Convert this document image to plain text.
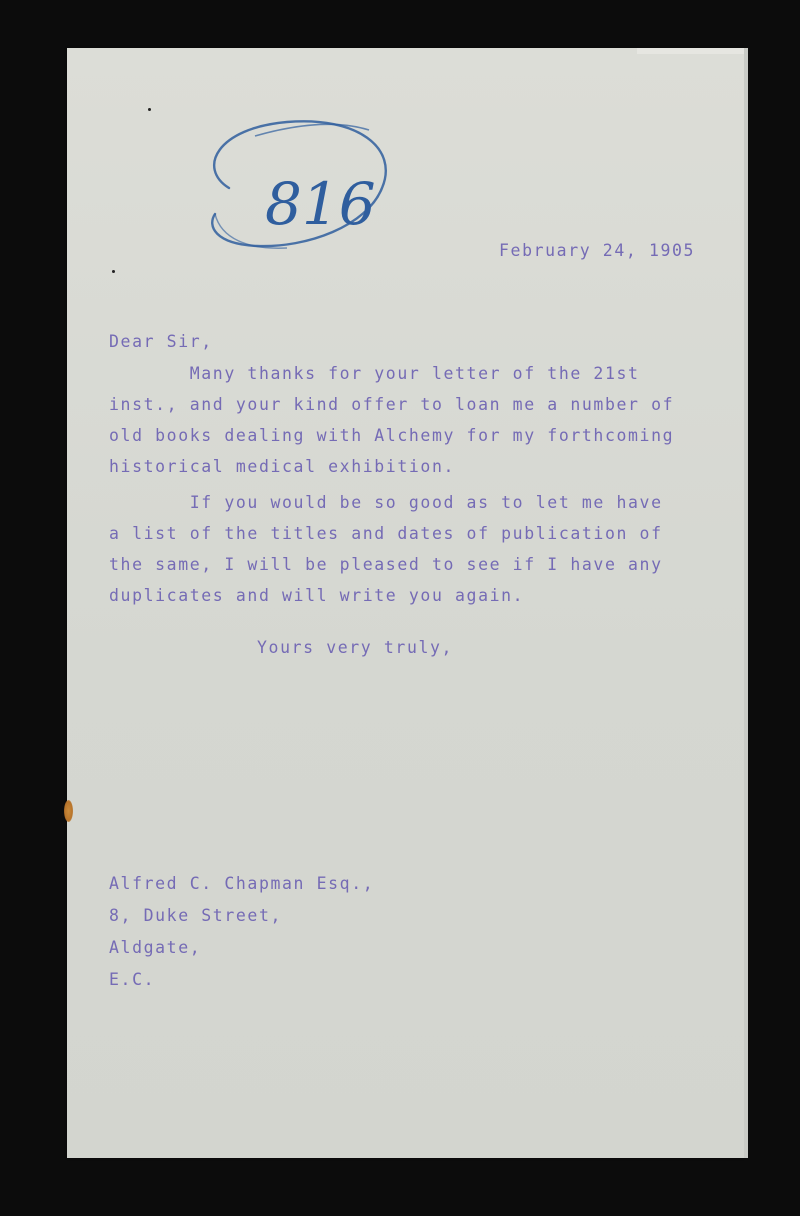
816
February 24, 1905
Dear Sir,
Many thanks for your letter of the 21st
inst., and your kind offer to loan me a number of
old books dealing with Alchemy for my forthcoming
historical medical exhibition.
If you would be so good as to let me have
a list of the titles and dates of publication of
the same, I will be pleased to see if I have any
duplicates and will write you again.
Yours very truly,
Alfred C. Chapman Esq.,
8, Duke Street,
Aldgate,
E.C.
